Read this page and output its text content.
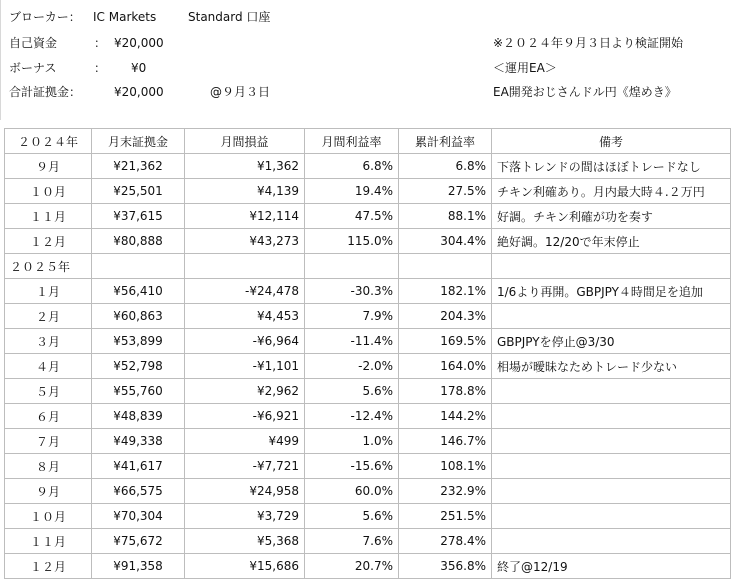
ブローカー： IC Markets	Standard 口座
自己資金	： ¥20,000
ボーナス	： ¥0
合計証拠金：	¥20,000	@９月３日
※２０２４年９月３日より検証開始
＜運用EA＞
EA開発おじさんドル円《煌めき》
２０２４年	月末証拠金	月間損益	月間利益率	累計利益率	備考
９月	¥21,362	¥1,362	6.8%	6.8%	下落トレンドの間はほぼトレードなし
１０月	¥25,501	¥4,139	19.4%	27.5%	チキン利確あり。月内最大時４.２万円
１１月	¥37,615	¥12,114	47.5%	88.1%	好調。チキン利確が功を奏す
１２月	¥80,888	¥43,273	115.0%	304.4%	絶好調。12/20で年末停止
２０２５年					
１月	¥56,410	-¥24,478	-30.3%	182.1%	1/6より再開。GBPJPY４時間足を追加
２月	¥60,863	¥4,453	7.9%	204.3%	
３月	¥53,899	-¥6,964	-11.4%	169.5%	GBPJPYを停止@3/30
４月	¥52,798	-¥1,101	-2.0%	164.0%	相場が曖昧なためトレード少ない
５月	¥55,760	¥2,962	5.6%	178.8%	
６月	¥48,839	-¥6,921	-12.4%	144.2%	
７月	¥49,338	¥499	1.0%	146.7%	
８月	¥41,617	-¥7,721	-15.6%	108.1%	
９月	¥66,575	¥24,958	60.0%	232.9%	
１０月	¥70,304	¥3,729	5.6%	251.5%	
１１月	¥75,672	¥5,368	7.6%	278.4%	
１２月	¥91,358	¥15,686	20.7%	356.8%	終了@12/19
